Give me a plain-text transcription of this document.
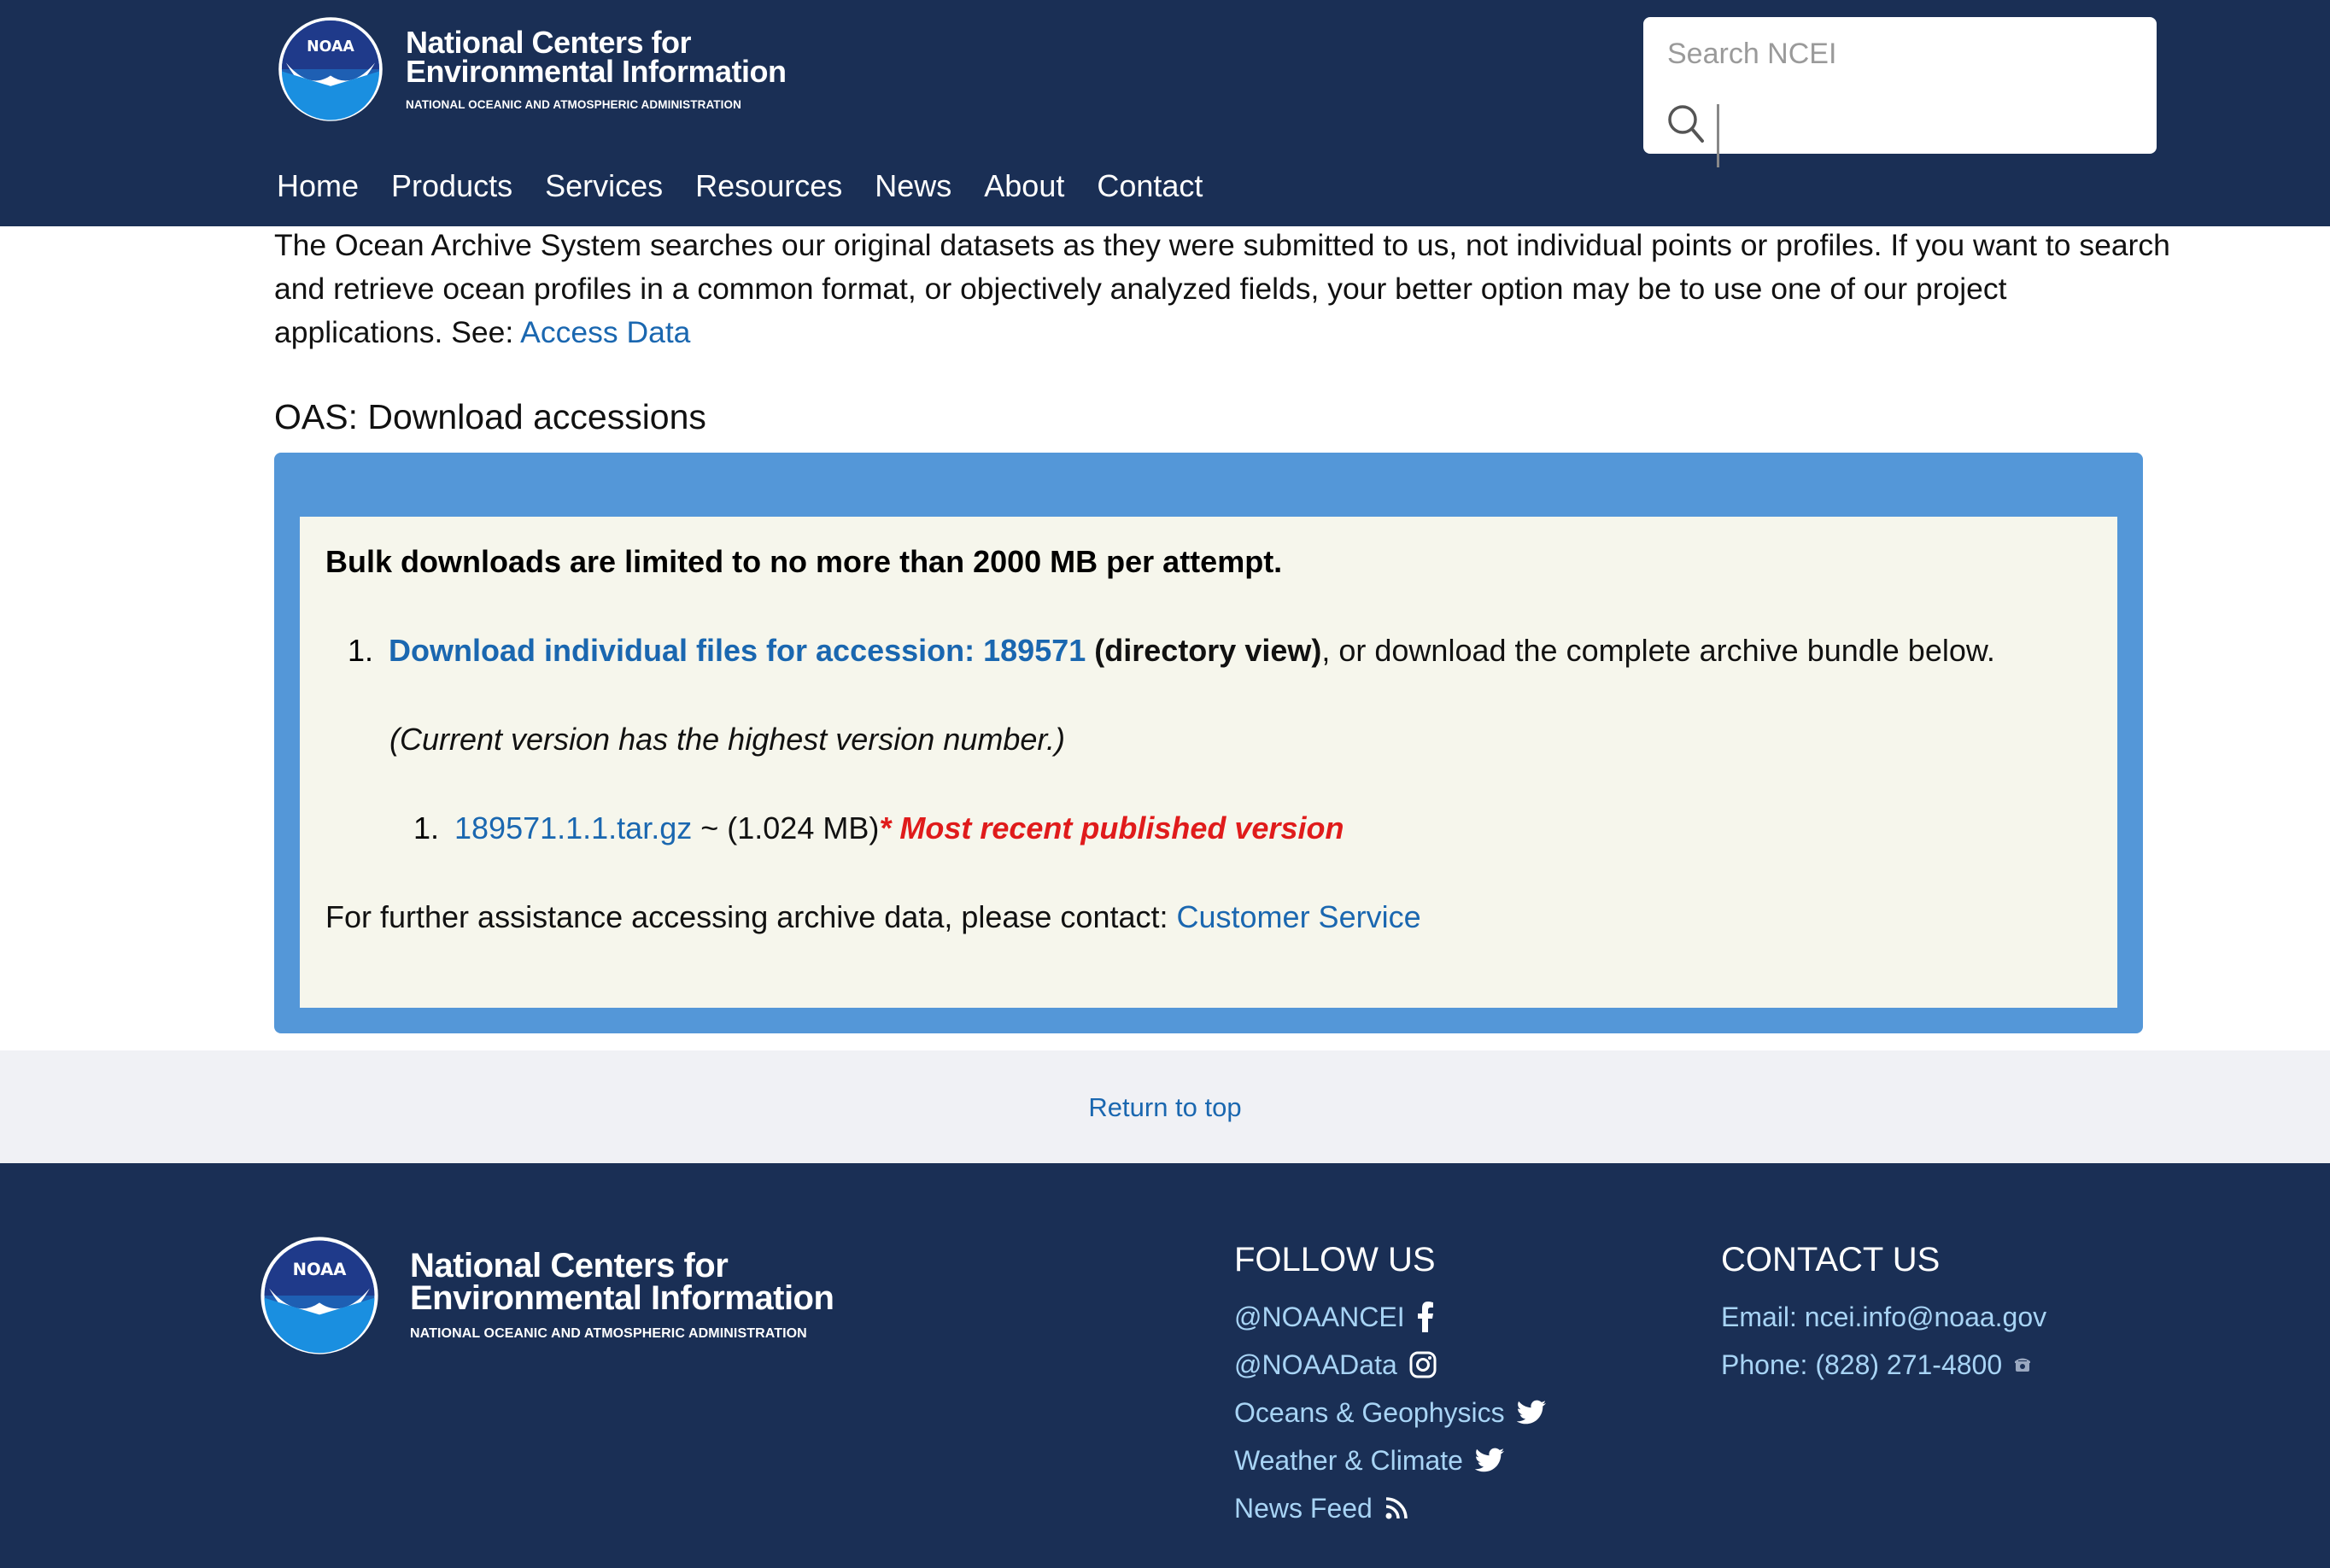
NOAA National Centers for
Environmental Information
NATIONAL OCEANIC AND ATMOSPHERIC ADMINISTRATION
Search NCEI
Home Products Services Resources News About Contact
The Ocean Archive System searches our original datasets as they were submitted to us, not individual points or profiles. If you want to search and retrieve ocean profiles in a common format, or objectively analyzed fields, your better option may be to use one of our project applications. See: Access Data
OAS: Download accessions
Bulk downloads are limited to no more than 2000 MB per attempt.
1. Download individual files for accession: 189571 (directory view), or download the complete archive bundle below.
(Current version has the highest version number.)
1. 189571.1.1.tar.gz ~ (1.024 MB)* Most recent published version
For further assistance accessing archive data, please contact: Customer Service
Return to top
NOAA National Centers for
Environmental Information
NATIONAL OCEANIC AND ATMOSPHERIC ADMINISTRATION
FOLLOW US
@NOAANCEI
@NOAAData
Oceans & Geophysics
Weather & Climate
News Feed
CONTACT US
Email: ncei.info@noaa.gov
Phone: (828) 271-4800
